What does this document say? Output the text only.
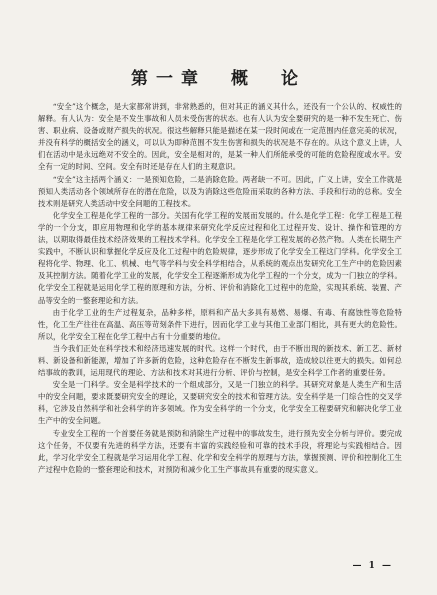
第一章　概　论

“安全”这个概念，是大家都常讲到，非常熟悉的，但对其正的涵义其什么，还没有一个公认的、权威性的解释。有人认为：安全是不发生事故和人员未受伤害的状态。也有人认为安全要研究的是一种不发生死亡、伤害、职业病、设备或财产损失的状况。很这些解释只能是描述在某一段时间或在一定范围内任意完美的状况，并没有科学的概括安全的涵义，可以认为即种范围不发生伤害和损失的状况是不存在的。从这个意义上讲，人们在活动中是永远绝对不安全的。因此，安全是相对的，是某一种人们所能承受的可能的危险程度或水平。安全有一定的时间、空间。安全有时还是存在人们的主观意识。

“安全”这主括两个涵义：一是预知危险，二是消除危险。两者缺一不可。因此，广义上讲，安全工作就是预知人类活动各个领域所存在的潜在危险，以及为消除这些危险而采取的各种方法、手段和行动的总称。安全技术则是研究人类活动中安全问题的工程技术。

化学安全工程是化学工程的一部分。关国有化学工程的发展而发展的。什么是化学工程：化学工程是工程学的一个分支，即应用物理和化学的基本规律来研究化学反应过程和化工过程开发、设计、操作和管理的方法，以期取得最佳技术经济效果的工程技术学科。化学安全工程是化学工程发展的必然产物。人类在长期生产实践中，不断认识和掌握化学反应及化工过程中的危险规律，逐步形成了化学安全工程这门学科。化学安全工程将化学、物理、化工、机械、电气等学科与安全科学相结合，从系统的观点出发研究化工生产中的危险因素及其控制方法。随着化学工业的发展，化学安全工程逐渐形成为化学工程的一个分支，成为一门独立的学科。化学安全工程就是运用化学工程的原理和方法，分析、评价和消除化工过程中的危险，实现其系统、装置、产品等安全的一整套理论和方法。

由于化学工业的生产过程复杂，品种多样，原料和产品大多具有易燃、易爆、有毒、有腐蚀性等危险特性，化工生产往往在高温、高压等苛刻条件下进行，因而化学工业与其他工业部门相比，具有更大的危险性。所以，化学安全工程在化学工程中占有十分重要的地位。

当今我们正处在科学技术和经济迅速发展的时代。这样一个时代，由于不断出现的新技术、新工艺、新材料、新设备和新能源，增加了许多新的危险，这种危险存在不断发生新事故，造成较以往更大的损失。如何总结事故的教训，运用现代的理论、方法和技术对其进行分析、评价与控制，是安全科学工作者的重要任务。

安全是一门科学。安全是科学技术的一个组成部分，又是一门独立的科学。其研究对象是人类生产和生活中的安全问题，要求既要研究安全的理论，又要研究安全的技术和管理方法。安全科学是一门综合性的交叉学科，它涉及自然科学和社会科学的许多领域。作为安全科学的一个分支，化学安全工程要研究和解决化学工业生产中的安全问题。

专业安全工程的一个首要任务就是预防和消除生产过程中的事故发生，进行预先安全分析与评价。要完成这个任务，不仅要有先进的科学方法，还要有丰富的实践经验和可靠的技术手段，将理论与实践相结合。因此，学习化学安全工程就是学习运用化学工程、化学和安全科学的原理与方法，掌握预测、评价和控制化工生产过程中危险的一整套理论和技术，对预防和减少化工生产事故具有重要的现实意义。

— 1 —
